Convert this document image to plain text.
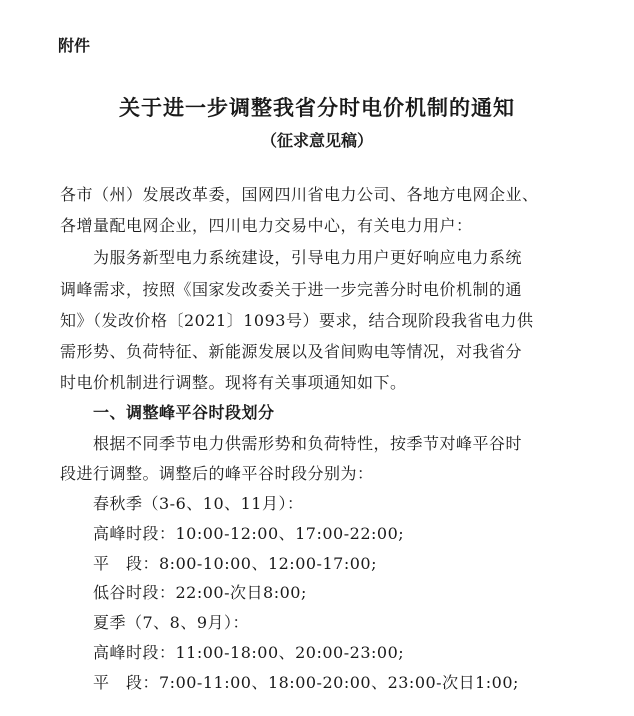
附件
关于进一步调整我省分时电价机制的通知
（征求意见稿）
各市（州）发展改革委，国网四川省电力公司、各地方电网企业、
各增量配电网企业，四川电力交易中心，有关电力用户：
　　为服务新型电力系统建设，引导电力用户更好响应电力系统
调峰需求，按照《国家发改委关于进一步完善分时电价机制的通
知》（发改价格〔2021〕1093号）要求，结合现阶段我省电力供
需形势、负荷特征、新能源发展以及省间购电等情况，对我省分
时电价机制进行调整。现将有关事项通知如下。
　　一、调整峰平谷时段划分
　　根据不同季节电力供需形势和负荷特性，按季节对峰平谷时
段进行调整。调整后的峰平谷时段分别为：
　　春秋季（3-6、10、11月）：
　　高峰时段：10:00-12:00、17:00-22:00;
　　平　段：8:00-10:00、12:00-17:00;
　　低谷时段：22:00-次日8:00;
　　夏季（7、8、9月）：
　　高峰时段：11:00-18:00、20:00-23:00;
　　平　段：7:00-11:00、18:00-20:00、23:00-次日1:00;
